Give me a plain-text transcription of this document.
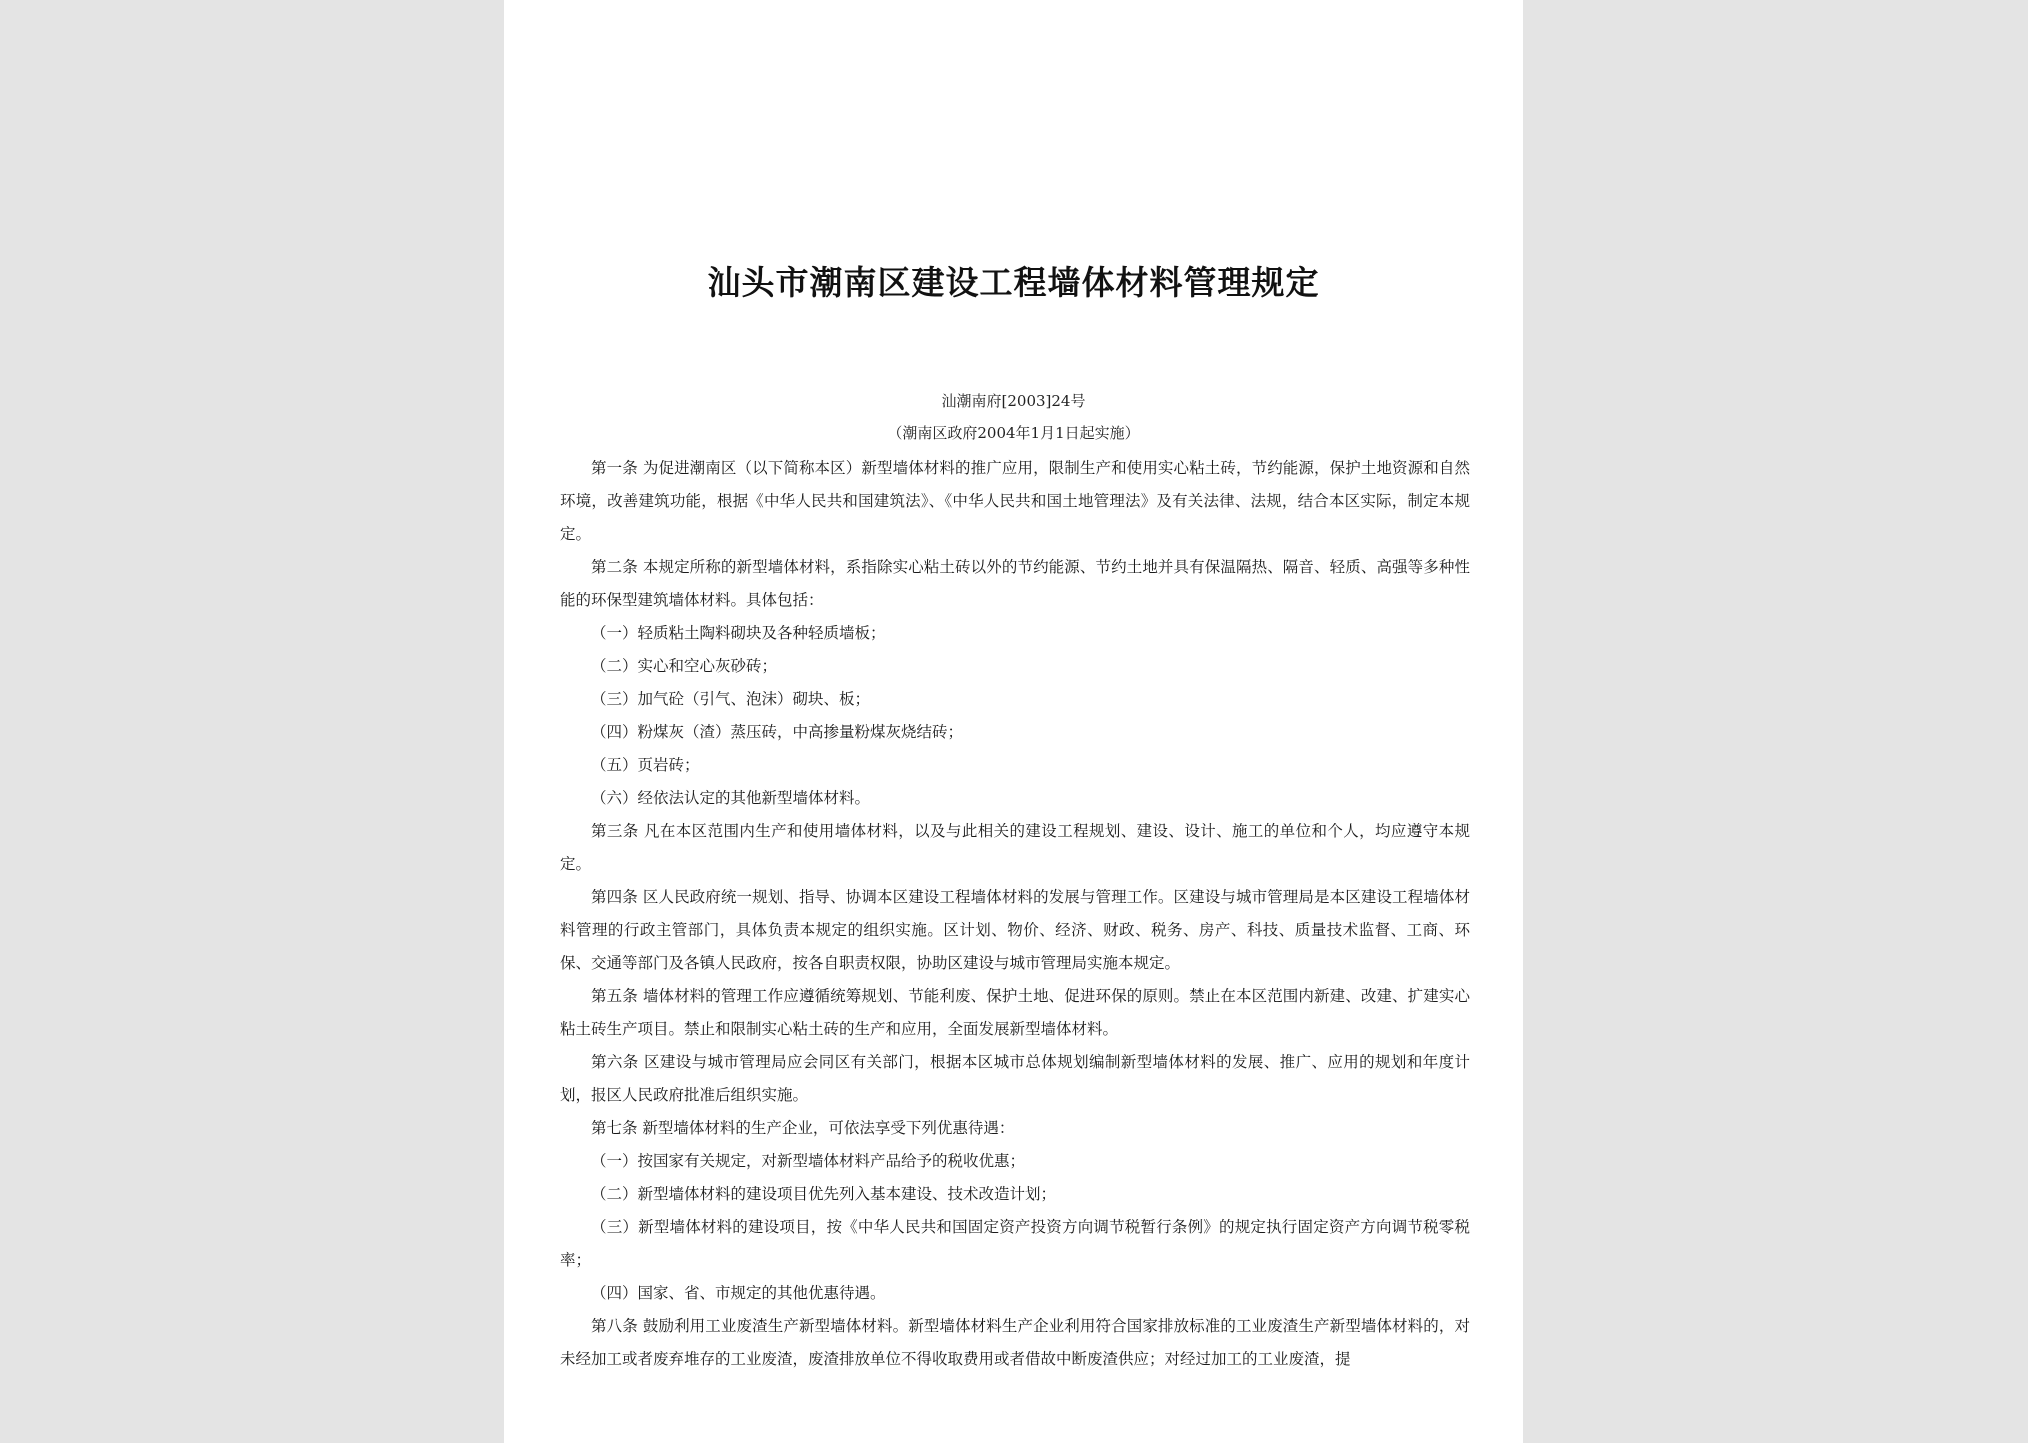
汕头市潮南区建设工程墙体材料管理规定
汕潮南府[2003]24号
（潮南区政府2004年1月1日起实施）

第一条 为促进潮南区（以下简称本区）新型墙体材料的推广应用，限制生产和使用实心粘土砖，节约能源，保护土地资源和自然环境，改善建筑功能，根据《中华人民共和国建筑法》、《中华人民共和国土地管理法》及有关法律、法规，结合本区实际，制定本规定。

第二条 本规定所称的新型墙体材料，系指除实心粘土砖以外的节约能源、节约土地并具有保温隔热、隔音、轻质、高强等多种性能的环保型建筑墙体材料。具体包括：

（一）轻质粘土陶料砌块及各种轻质墙板；

（二）实心和空心灰砂砖；

（三）加气砼（引气、泡沫）砌块、板；

（四）粉煤灰（渣）蒸压砖，中高掺量粉煤灰烧结砖；

（五）页岩砖；

（六）经依法认定的其他新型墙体材料。

第三条 凡在本区范围内生产和使用墙体材料，以及与此相关的建设工程规划、建设、设计、施工的单位和个人，均应遵守本规定。

第四条 区人民政府统一规划、指导、协调本区建设工程墙体材料的发展与管理工作。区建设与城市管理局是本区建设工程墙体材料管理的行政主管部门，具体负责本规定的组织实施。区计划、物价、经济、财政、税务、房产、科技、质量技术监督、工商、环保、交通等部门及各镇人民政府，按各自职责权限，协助区建设与城市管理局实施本规定。

第五条 墙体材料的管理工作应遵循统筹规划、节能利废、保护土地、促进环保的原则。禁止在本区范围内新建、改建、扩建实心粘土砖生产项目。禁止和限制实心粘土砖的生产和应用，全面发展新型墙体材料。

第六条 区建设与城市管理局应会同区有关部门，根据本区城市总体规划编制新型墙体材料的发展、推广、应用的规划和年度计划，报区人民政府批准后组织实施。

第七条 新型墙体材料的生产企业，可依法享受下列优惠待遇：

（一）按国家有关规定，对新型墙体材料产品给予的税收优惠；

（二）新型墙体材料的建设项目优先列入基本建设、技术改造计划；

（三）新型墙体材料的建设项目，按《中华人民共和国固定资产投资方向调节税暂行条例》的规定执行固定资产方向调节税零税率；

（四）国家、省、市规定的其他优惠待遇。

第八条 鼓励利用工业废渣生产新型墙体材料。新型墙体材料生产企业利用符合国家排放标准的工业废渣生产新型墙体材料的，对未经加工或者废弃堆存的工业废渣，废渣排放单位不得收取费用或者借故中断废渣供应；对经过加工的工业废渣，提
